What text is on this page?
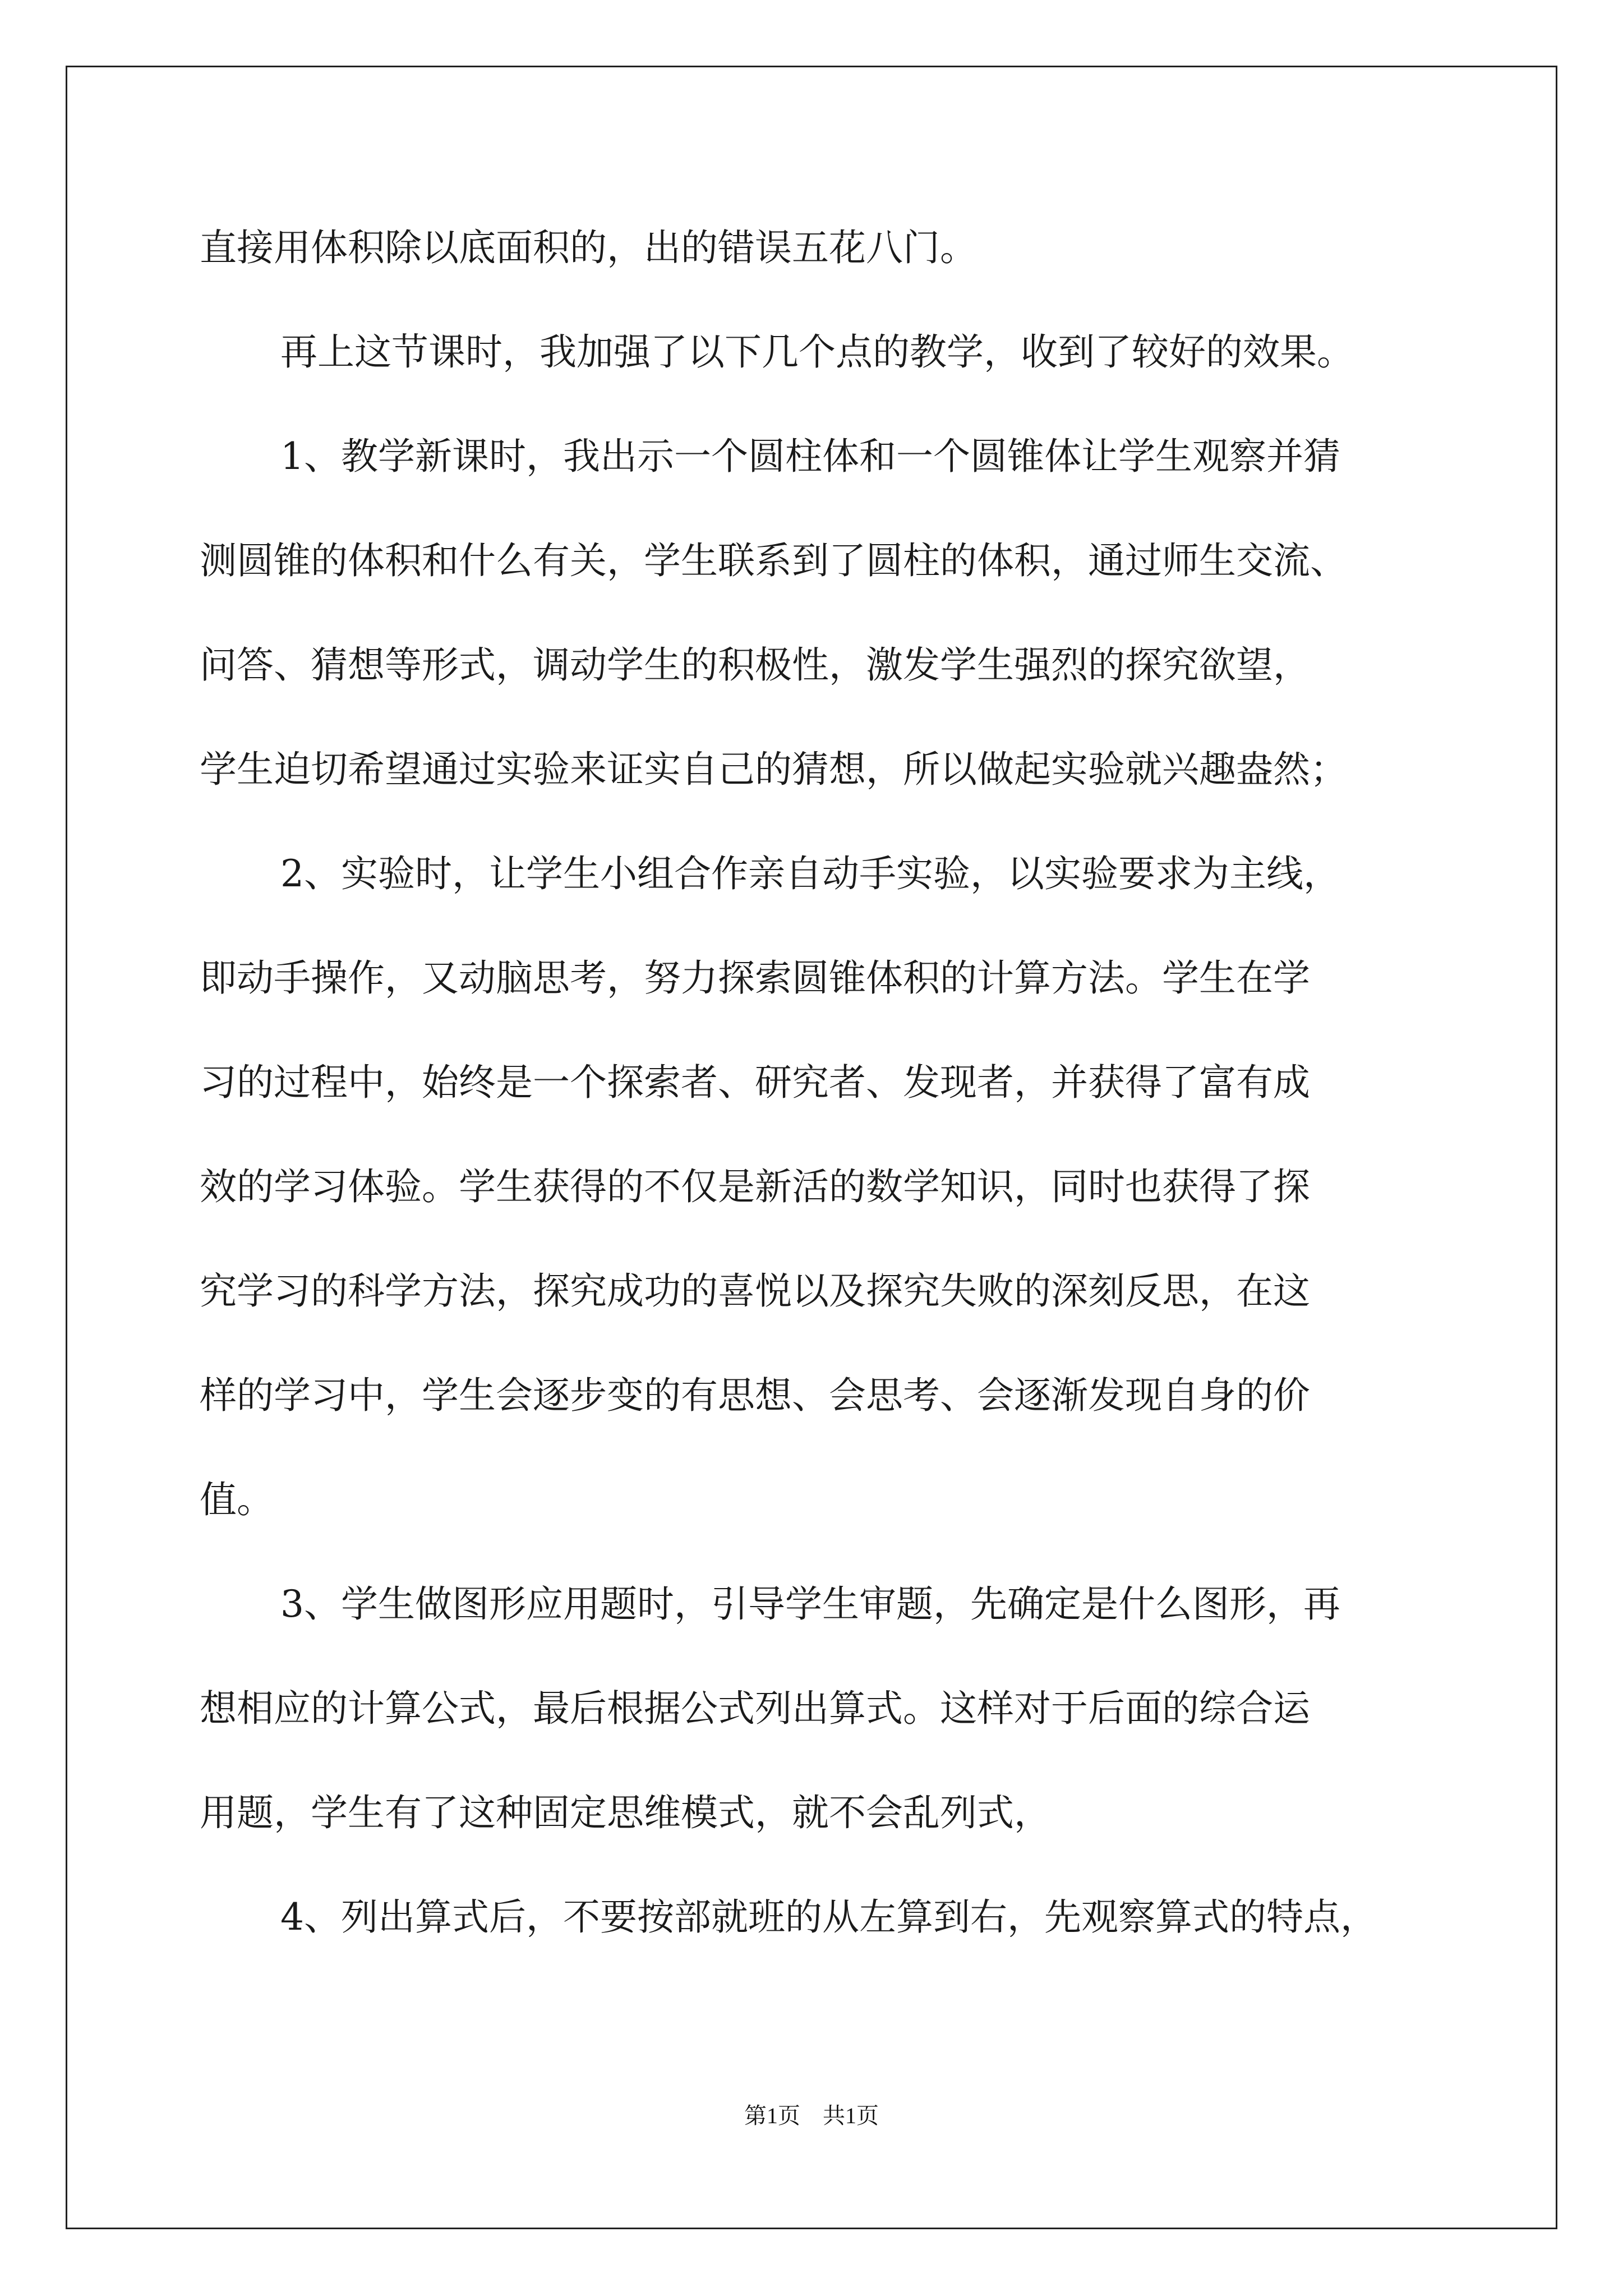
直接用体积除以底面积的，出的错误五花八门。
再上这节课时，我加强了以下几个点的教学，收到了较好的效果。
1、教学新课时，我出示一个圆柱体和一个圆锥体让学生观察并猜
测圆锥的体积和什么有关，学生联系到了圆柱的体积，通过师生交流、
问答、猜想等形式，调动学生的积极性，激发学生强烈的探究欲望，
学生迫切希望通过实验来证实自己的猜想，所以做起实验就兴趣盎然；
2、实验时，让学生小组合作亲自动手实验，以实验要求为主线，
即动手操作，又动脑思考，努力探索圆锥体积的计算方法。学生在学
习的过程中，始终是一个探索者、研究者、发现者，并获得了富有成
效的学习体验。学生获得的不仅是新活的数学知识，同时也获得了探
究学习的科学方法，探究成功的喜悦以及探究失败的深刻反思，在这
样的学习中，学生会逐步变的有思想、会思考、会逐渐发现自身的价
值。
3、学生做图形应用题时，引导学生审题，先确定是什么图形，再
想相应的计算公式，最后根据公式列出算式。这样对于后面的综合运
用题，学生有了这种固定思维模式，就不会乱列式，
4、列出算式后，不要按部就班的从左算到右，先观察算式的特点，
第1页　共1页
